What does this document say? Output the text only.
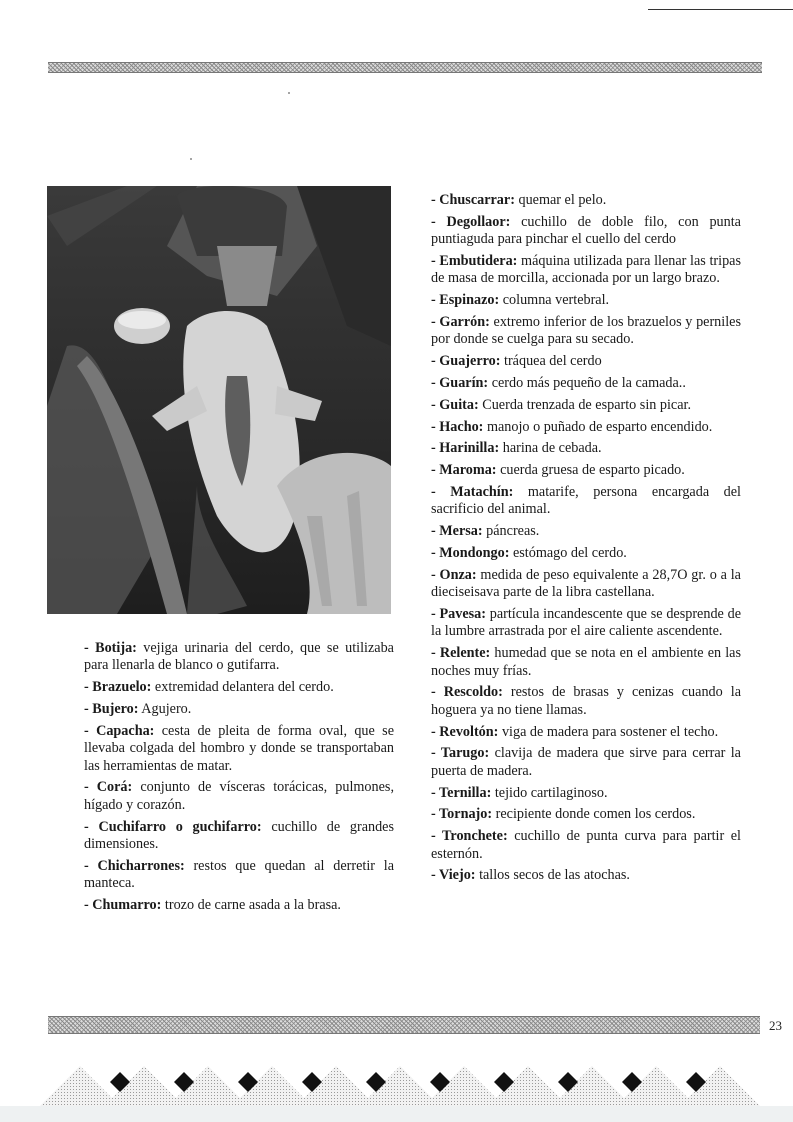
- Botija: vejiga urinaria del cerdo, que se utilizaba para llenarla de blanco o gutifarra.

- Brazuelo: extremidad delantera del cerdo.

- Bujero: Agujero.

- Capacha: cesta de pleita de forma oval, que se llevaba colgada del hombro y donde se transportaban las herramientas de matar.

- Corá: conjunto de vísceras torácicas, pulmones, hígado y corazón.

- Cuchifarro o guchifarro: cuchillo de grandes dimensiones.

- Chicharrones: restos que quedan al derretir la manteca.

- Chumarro: trozo de carne asada a la brasa.

- Chuscarrar: quemar el pelo.

- Degollaor: cuchillo de doble filo, con punta puntiaguda para pinchar el cuello del cerdo

- Embutidera: máquina utilizada para llenar las tripas de masa de morcilla, accionada por un largo brazo.

- Espinazo: columna vertebral.

- Garrón: extremo inferior de los brazuelos y perniles por donde se cuelga para su secado.

- Guajerro: tráquea del cerdo

- Guarín: cerdo más pequeño de la camada..

- Guita: Cuerda trenzada de esparto sin picar.

- Hacho: manojo o puñado de esparto encendido.

- Harinilla: harina de cebada.

- Maroma: cuerda gruesa de esparto picado.

- Matachín: matarife, persona encargada del sacrificio del animal.

- Mersa: páncreas.

- Mondongo: estómago del cerdo.

- Onza: medida de peso equivalente a 28,7O gr. o a la dieciseisava parte de la libra castellana.

- Pavesa: partícula incandescente que se desprende de la lumbre arrastrada por el aire caliente ascendente.

- Relente: humedad que se nota en el ambiente en las noches muy frías.

- Rescoldo: restos de brasas y cenizas cuando la hoguera ya no tiene llamas.

- Revoltón: viga de madera para sostener el techo.

- Tarugo: clavija de madera que sirve para cerrar la puerta de madera.

- Ternilla: tejido cartilaginoso.

- Tornajo: recipiente donde comen los cerdos.

- Tronchete: cuchillo de punta curva para partir el esternón.

- Viejo: tallos secos de las atochas.

23
